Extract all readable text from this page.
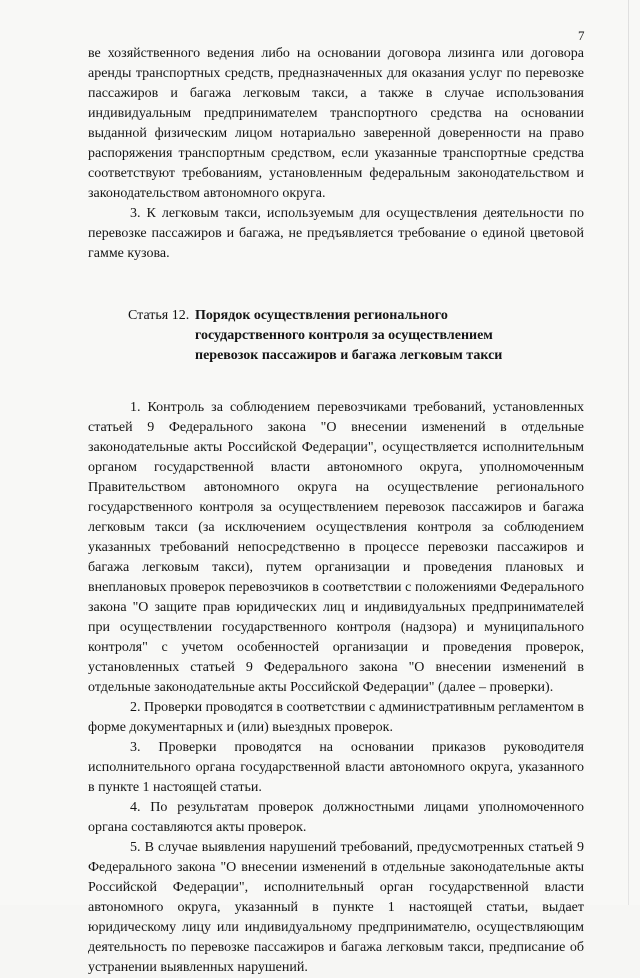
7

ве хозяйственного ведения либо на основании договора лизинга или договора аренды транспортных средств, предназначенных для оказания услуг по перевозке пассажиров и багажа легковым такси, а также в случае использования индивидуальным предпринимателем транспортного средства на основании выданной физическим лицом нотариально заверенной доверенности на право распоряжения транспортным средством, если указанные транспортные средства соответствуют требованиям, установленным федеральным законодательством и законодательством автономного округа.

3. К легковым такси, используемым для осуществления деятельности по перевозке пассажиров и багажа, не предъявляется требование о единой цветовой гамме кузова.

Статья 12. Порядок осуществления регионального
государственного контроля за осуществлением
перевозок пассажиров и багажа легковым такси

1. Контроль за соблюдением перевозчиками требований, установленных статьей 9 Федерального закона "О внесении изменений в отдельные законодательные акты Российской Федерации", осуществляется исполнительным органом государственной власти автономного округа, уполномоченным Правительством автономного округа на осуществление регионального государственного контроля за осуществлением перевозок пассажиров и багажа легковым такси (за исключением осуществления контроля за соблюдением указанных требований непосредственно в процессе перевозки пассажиров и багажа легковым такси), путем организации и проведения плановых и внеплановых проверок перевозчиков в соответствии с положениями Федерального закона "О защите прав юридических лиц и индивидуальных предпринимателей при осуществлении государственного контроля (надзора) и муниципального контроля" с учетом особенностей организации и проведения проверок, установленных статьей 9 Федерального закона "О внесении изменений в отдельные законодательные акты Российской Федерации" (далее – проверки).

2. Проверки проводятся в соответствии с административным регламентом в форме документарных и (или) выездных проверок.

3. Проверки проводятся на основании приказов руководителя исполнительного органа государственной власти автономного округа, указанного в пункте 1 настоящей статьи.

4. По результатам проверок должностными лицами уполномоченного органа составляются акты проверок.

5. В случае выявления нарушений требований, предусмотренных статьей 9 Федерального закона "О внесении изменений в отдельные законодательные акты Российской Федерации", исполнительный орган государственной власти автономного округа, указанный в пункте 1 настоящей статьи, выдает юридическому лицу или индивидуальному предпринимателю, осуществляющим деятельность по перевозке пассажиров и багажа легковым такси, предписание об устранении выявленных нарушений.
